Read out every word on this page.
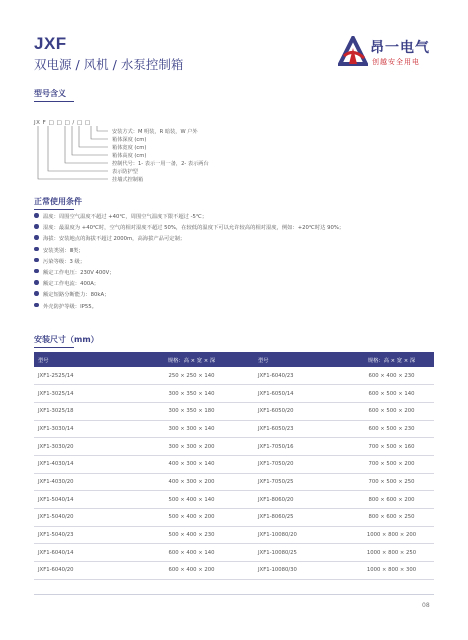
JXF
双电源 / 风机 / 水泵控制箱
昂一电气
创越安全用电
型号含义
JX F □ □ □ / □ □
安装方式：M 明装，R 暗装，W 户外
箱体深度 (cm)
箱体宽度 (cm)
箱体高度 (cm)
控制代号：1- 表示一用一备，2- 表示两台
表示防护型
挂墙式控制箱
正常使用条件
温度：周围空气温度不超过 +40℃，周围空气温度下限不超过 -5℃；
湿度：最温度为 +40℃时，空气的相对湿度不超过 50%，在较低的温度下可以允许较高的相对湿度，例如：+20℃时达 90%；
海拔：安装地点的海拔不超过 2000m，高海拔产品可定制；
安装类别：Ⅲ类；
污染等级：3 级；
额定工作电压：230V 400V；
额定工作电流：400A；
额定短路分断能力：80kA；
外壳防护等级：IP55。
安装尺寸（mm）
型号	规格：高 × 宽 × 深	型号	规格：高 × 宽 × 深
JXF1-2525/14	250 × 250 × 140	JXF1-6040/23	600 × 400 × 230
JXF1-3025/14	300 × 350 × 140	JXF1-6050/14	600 × 500 × 140
JXF1-3025/18	300 × 350 × 180	JXF1-6050/20	600 × 500 × 200
JXF1-3030/14	300 × 300 × 140	JXF1-6050/23	600 × 500 × 230
JXF1-3030/20	300 × 300 × 200	JXF1-7050/16	700 × 500 × 160
JXF1-4030/14	400 × 300 × 140	JXF1-7050/20	700 × 500 × 200
JXF1-4030/20	400 × 300 × 200	JXF1-7050/25	700 × 500 × 250
JXF1-5040/14	500 × 400 × 140	JXF1-8060/20	800 × 600 × 200
JXF1-5040/20	500 × 400 × 200	JXF1-8060/25	800 × 600 × 250
JXF1-5040/23	500 × 400 × 230	JXF1-10080/20	1000 × 800 × 200
JXF1-6040/14	600 × 400 × 140	JXF1-10080/25	1000 × 800 × 250
JXF1-6040/20	600 × 400 × 200	JXF1-10080/30	1000 × 800 × 300
08
